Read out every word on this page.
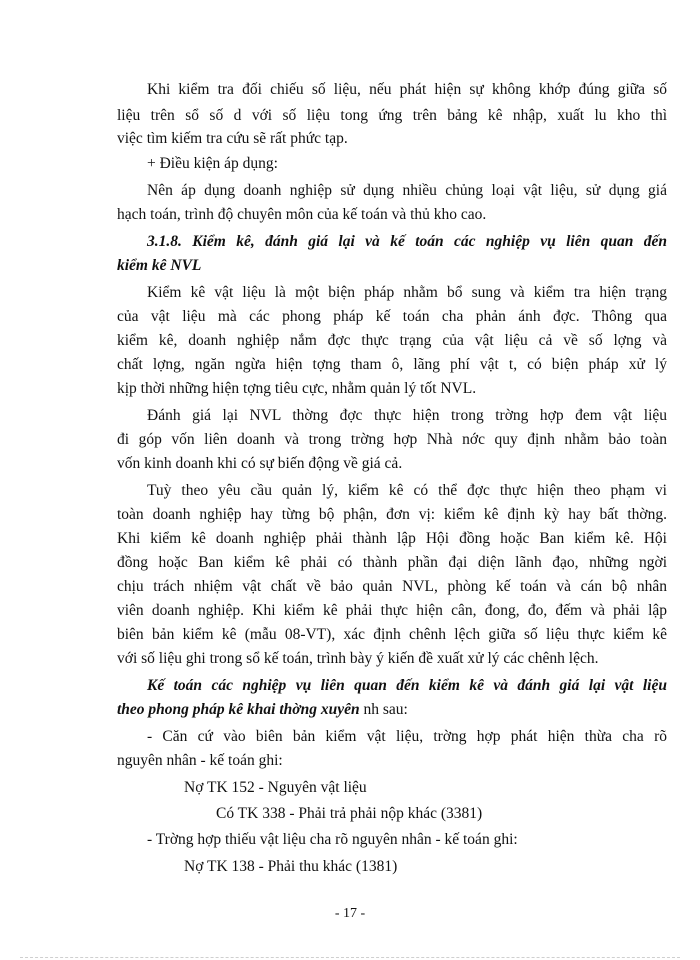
Khi kiểm tra đối chiếu số liệu, nếu phát hiện sự không khớp đúng giữa số
liệu trên sổ số d với số liệu tong ứng trên bảng kê nhập, xuất lu kho thì
việc tìm kiếm tra cứu sẽ rất phức tạp.
+ Điều kiện áp dụng:
Nên áp dụng doanh nghiệp sử dụng nhiều chủng loại vật liệu, sử dụng giá
hạch toán, trình độ chuyên môn của kế toán và thủ kho cao.
3.1.8. Kiểm kê, đánh giá lại và kế toán các nghiệp vụ liên quan đến
kiểm kê NVL
Kiểm kê vật liệu là một biện pháp nhằm bổ sung và kiểm tra hiện trạng
của vật liệu mà các phong pháp kế toán cha phản ánh đợc. Thông qua
kiểm kê, doanh nghiệp nắm đợc thực trạng của vật liệu cả về số lợng và
chất lợng, ngăn ngừa hiện tợng tham ô, lãng phí vật t, có biện pháp xử lý
kịp thời những hiện tợng tiêu cực, nhằm quản lý tốt NVL.
Đánh giá lại NVL thờng đợc thực hiện trong trờng hợp đem vật liệu
đi góp vốn liên doanh và trong trờng hợp Nhà nớc quy định nhằm bảo toàn
vốn kinh doanh khi có sự biến động về giá cả.
Tuỳ theo yêu cầu quản lý, kiểm kê có thể đợc thực hiện theo phạm vi
toàn doanh nghiệp hay từng bộ phận, đơn vị: kiểm kê định kỳ hay bất thờng.
Khi kiểm kê doanh nghiệp phải thành lập Hội đồng hoặc Ban kiểm kê. Hội
đồng hoặc Ban kiểm kê phải có thành phần đại diện lãnh đạo, những ngời
chịu trách nhiệm vật chất về bảo quản NVL, phòng kế toán và cán bộ nhân
viên doanh nghiệp. Khi kiểm kê phải thực hiện cân, đong, đo, đếm và phải lập
biên bản kiểm kê (mẫu 08-VT), xác định chênh lệch giữa số liệu thực kiểm kê
với số liệu ghi trong sổ kế toán, trình bày ý kiến đề xuất xử lý các chênh lệch.
Kế toán các nghiệp vụ liên quan đến kiểm kê và đánh giá lại vật liệu
theo phong pháp kê khai thờng xuyên nh sau:
- Căn cứ vào biên bản kiểm vật liệu, trờng hợp phát hiện thừa cha rõ
nguyên nhân - kế toán ghi:
Nợ TK 152 - Nguyên vật liệu
Có TK 338 - Phải trả phải nộp khác (3381)
- Trờng hợp thiếu vật liệu cha rõ nguyên nhân - kế toán ghi:
Nợ TK 138 - Phải thu khác (1381)
- 17 -
